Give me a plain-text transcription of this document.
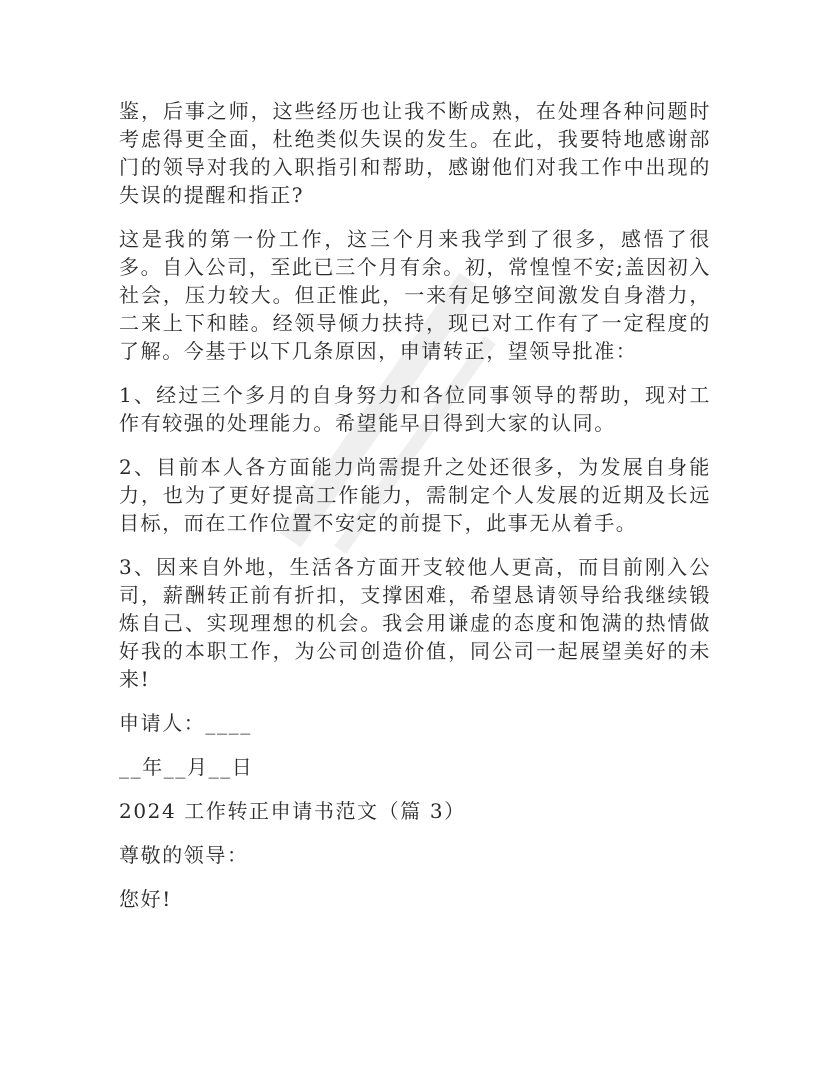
鉴，后事之师，这些经历也让我不断成熟，在处理各种问题时考虑得更全面，杜绝类似失误的发生。在此，我要特地感谢部门的领导对我的入职指引和帮助，感谢他们对我工作中出现的失误的提醒和指正?

这是我的第一份工作，这三个月来我学到了很多，感悟了很多。自入公司，至此已三个月有余。初，常惶惶不安;盖因初入社会，压力较大。但正惟此，一来有足够空间激发自身潜力，二来上下和睦。经领导倾力扶持，现已对工作有了一定程度的了解。今基于以下几条原因，申请转正，望领导批准：

1、经过三个多月的自身努力和各位同事领导的帮助，现对工作有较强的处理能力。希望能早日得到大家的认同。

2、目前本人各方面能力尚需提升之处还很多，为发展自身能力，也为了更好提高工作能力，需制定个人发展的近期及长远目标，而在工作位置不安定的前提下，此事无从着手。

3、因来自外地，生活各方面开支较他人更高，而目前刚入公司，薪酬转正前有折扣，支撑困难，希望恳请领导给我继续锻炼自己、实现理想的机会。我会用谦虚的态度和饱满的热情做好我的本职工作，为公司创造价值，同公司一起展望美好的未来!

申请人：____

__年__月__日

2024 工作转正申请书范文（篇 3）

尊敬的领导：

您好!
